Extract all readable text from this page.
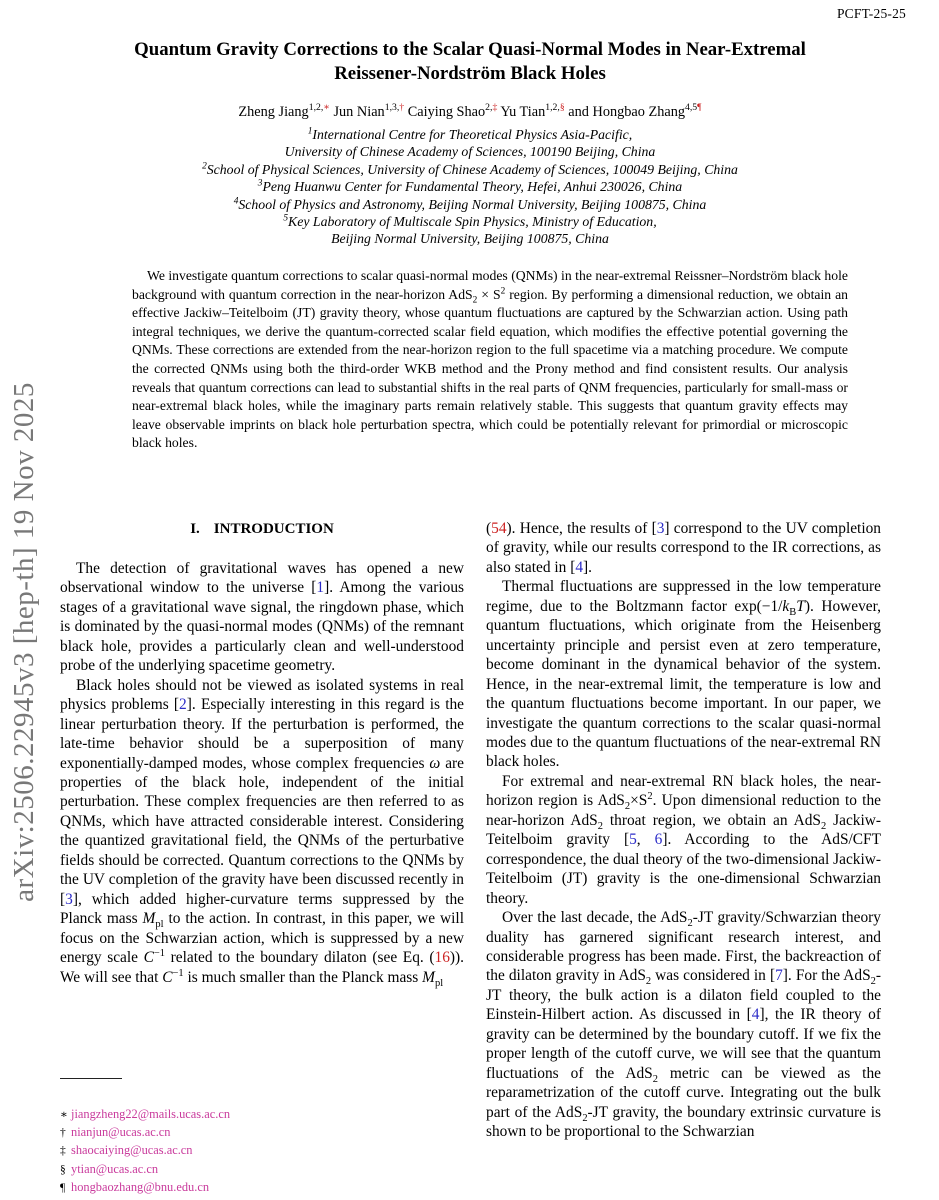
PCFT-25-25
arXiv:2506.22945v3 [hep-th] 19 Nov 2025
Quantum Gravity Corrections to the Scalar Quasi-Normal Modes in Near-Extremal
Reissener-Nordström Black Holes
Zheng Jiang$^{1,2,∗}$ Jun Nian$^{1,3,\dagger}$ Caiying Shao$^{2,\ddagger}$ Yu Tian$^{1,2,\S}$ and Hongbao Zhang$^{4,5\P}$
$^1$International Centre for Theoretical Physics Asia-Pacific,
University of Chinese Academy of Sciences, 100190 Beijing, China
$^2$School of Physical Sciences, University of Chinese Academy of Sciences, 100049 Beijing, China
$^3$Peng Huanwu Center for Fundamental Theory, Hefei, Anhui 230026, China
$^4$School of Physics and Astronomy, Beijing Normal University, Beijing 100875, China
$^5$Key Laboratory of Multiscale Spin Physics, Ministry of Education,
Beijing Normal University, Beijing 100875, China
We investigate quantum corrections to scalar quasi-normal modes (QNMs) in the near-extremal Reissner–Nordström black hole background with quantum correction in the near-horizon $AdS_2 \times S^2$ region. By performing a dimensional reduction, we obtain an effective Jackiw–Teitelboim (JT) gravity theory, whose quantum fluctuations are captured by the Schwarzian action. Using path integral techniques, we derive the quantum-corrected scalar field equation, which modifies the effective potential governing the QNMs. These corrections are extended from the near-horizon region to the full spacetime via a matching procedure. We compute the corrected QNMs using both the third-order WKB method and the Prony method and find consistent results. Our analysis reveals that quantum corrections can lead to substantial shifts in the real parts of QNM frequencies, particularly for small-mass or near-extremal black holes, while the imaginary parts remain relatively stable. This suggests that quantum gravity effects may leave observable imprints on black hole perturbation spectra, which could be potentially relevant for primordial or microscopic black holes.
I. INTRODUCTION

The detection of gravitational waves has opened a new observational window to the universe [1]. Among the various stages of a gravitational wave signal, the ringdown phase, which is dominated by the quasi-normal modes (QNMs) of the remnant black hole, provides a particularly clean and well-understood probe of the underlying spacetime geometry.

Black holes should not be viewed as isolated systems in real physics problems [2]. Especially interesting in this regard is the linear perturbation theory. If the perturbation is performed, the late-time behavior should be a superposition of many exponentially-damped modes, whose complex frequencies ω are properties of the black hole, independent of the initial perturbation. These complex frequencies are then referred to as QNMs, which have attracted considerable interest. Considering the quantized gravitational field, the QNMs of the perturbative fields should be corrected. Quantum corrections to the QNMs by the UV completion of the gravity have been discussed recently in [3], which added higher-curvature terms suppressed by the Planck mass $M_{pl}$ to the action. In contrast, in this paper, we will focus on the Schwarzian action, which is suppressed by a new energy scale $C^{-1}$ related to the boundary dilaton (see Eq. (16)). We will see that $C^{-1}$ is much smaller than the Planck mass $M_{pl}$

(54). Hence, the results of [3] correspond to the UV completion of gravity, while our results correspond to the IR corrections, as also stated in [4].

Thermal fluctuations are suppressed in the low temperature regime, due to the Boltzmann factor $\exp(-1/k_BT)$. However, quantum fluctuations, which originate from the Heisenberg uncertainty principle and persist even at zero temperature, become dominant in the dynamical behavior of the system. Hence, in the near-extremal limit, the temperature is low and the quantum fluctuations become important. In our paper, we investigate the quantum corrections to the scalar quasi-normal modes due to the quantum fluctuations of the near-extremal RN black holes.

For extremal and near-extremal RN black holes, the near-horizon region is $AdS_2\times S^2$. Upon dimensional reduction to the near-horizon AdS$_2$ throat region, we obtain an AdS$_2$ Jackiw-Teitelboim gravity [5, 6]. According to the AdS/CFT correspondence, the dual theory of the two-dimensional Jackiw-Teitelboim (JT) gravity is the one-dimensional Schwarzian theory.

Over the last decade, the AdS$_2$-JT gravity/Schwarzian theory duality has garnered significant research interest, and considerable progress has been made. First, the backreaction of the dilaton gravity in AdS$_2$ was considered in [7]. For the AdS$_2$-JT theory, the bulk action is a dilaton field coupled to the Einstein-Hilbert action. As discussed in [4], the IR theory of gravity can be determined by the boundary cutoff. If we fix the proper length of the cutoff curve, we will see that the quantum fluctuations of the AdS$_2$ metric can be viewed as the reparametrization of the cutoff curve. Integrating out the bulk part of the AdS$_2$-JT gravity, the boundary extrinsic curvature is shown to be proportional to the Schwarzian

∗ jiangzheng22@mails.ucas.ac.cn
† nianjun@ucas.ac.cn
‡ shaocaiying@ucas.ac.cn
§ ytian@ucas.ac.cn
¶ hongbaozhang@bnu.edu.cn
